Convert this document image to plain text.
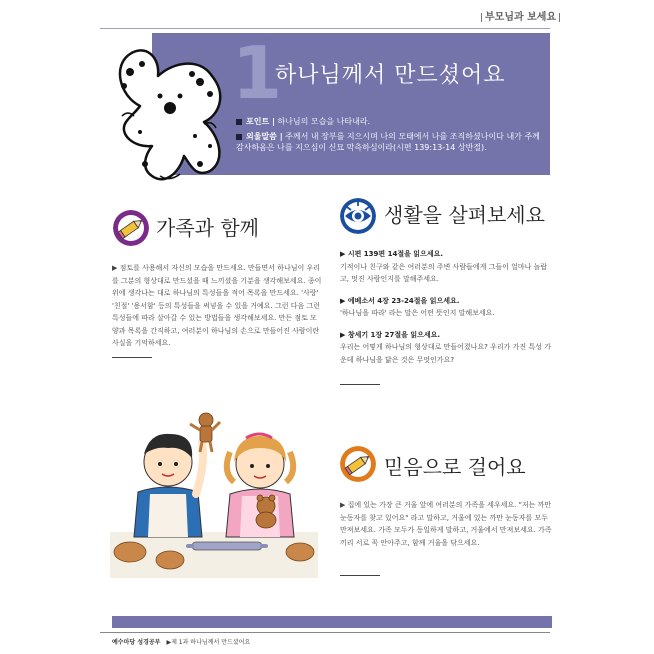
부모님과 보세요
1
하나님께서 만드셨어요
포인트 | 하나님의 모습을 나타내라.
외울말씀 | 주께서 내 장부를 지으시며 나의 모태에서 나를 조직하셨나이다 내가 주께 감사하옴은 나를 지으심이 신묘 막측하심이라(시편 139:13-14 상반절).
가족과 함께
▶ 점토를 사용해서 자신의 모습을 만드세요. 만들면서 하나님이 우리를 그분의 형상대로 만드셨을 때 느끼셨을 기분을 생각해보세요. 종이 위에 생각나는 대로 하나님의 특성들을 적어 목록을 만드세요. '사랑' '친절' '용서함' 등의 특성들을 써넣을 수 있을 거예요. 그런 다음 그런 특성들에 따라 살아갈 수 있는 방법들을 생각해보세요. 만든 점토 모양과 목록을 간직하고, 여러분이 하나님의 손으로 만들어진 사람이란 사실을 기억하세요.
생활을 살펴보세요
▶ 시편 139편 14절을 읽으세요.
기적이나 친구와 같은 여러분의 주변 사람들에게 그들이 얼마나 놀랍고, 멋진 사람인지를 말해주세요.
▶ 에베소서 4장 23-24절을 읽으세요.
'하나님을 따라' 라는 말은 어떤 뜻인지 말해보세요.
▶ 창세기 1장 27절을 읽으세요.
우리는 어떻게 하나님의 형상대로 만들어졌나요? 우리가 가진 특성 가운데 하나님을 닮은 것은 무엇인가요?
믿음으로 걸어요
▶ 집에 있는 가장 큰 거울 앞에 여러분의 가족을 세우세요. "저는 까만 눈동자를 찾고 있어요" 라고 말하고, 거울에 있는 까만 눈동자를 모두 만져보세요. 가족 모두가 동일하게 말하고, 거울에서 만져보세요. 가족끼리 서로 꼭 안아주고, 함께 거울을 닦으세요.
예수마당 성경공부 ▶제 1과 하나님께서 만드셨어요
